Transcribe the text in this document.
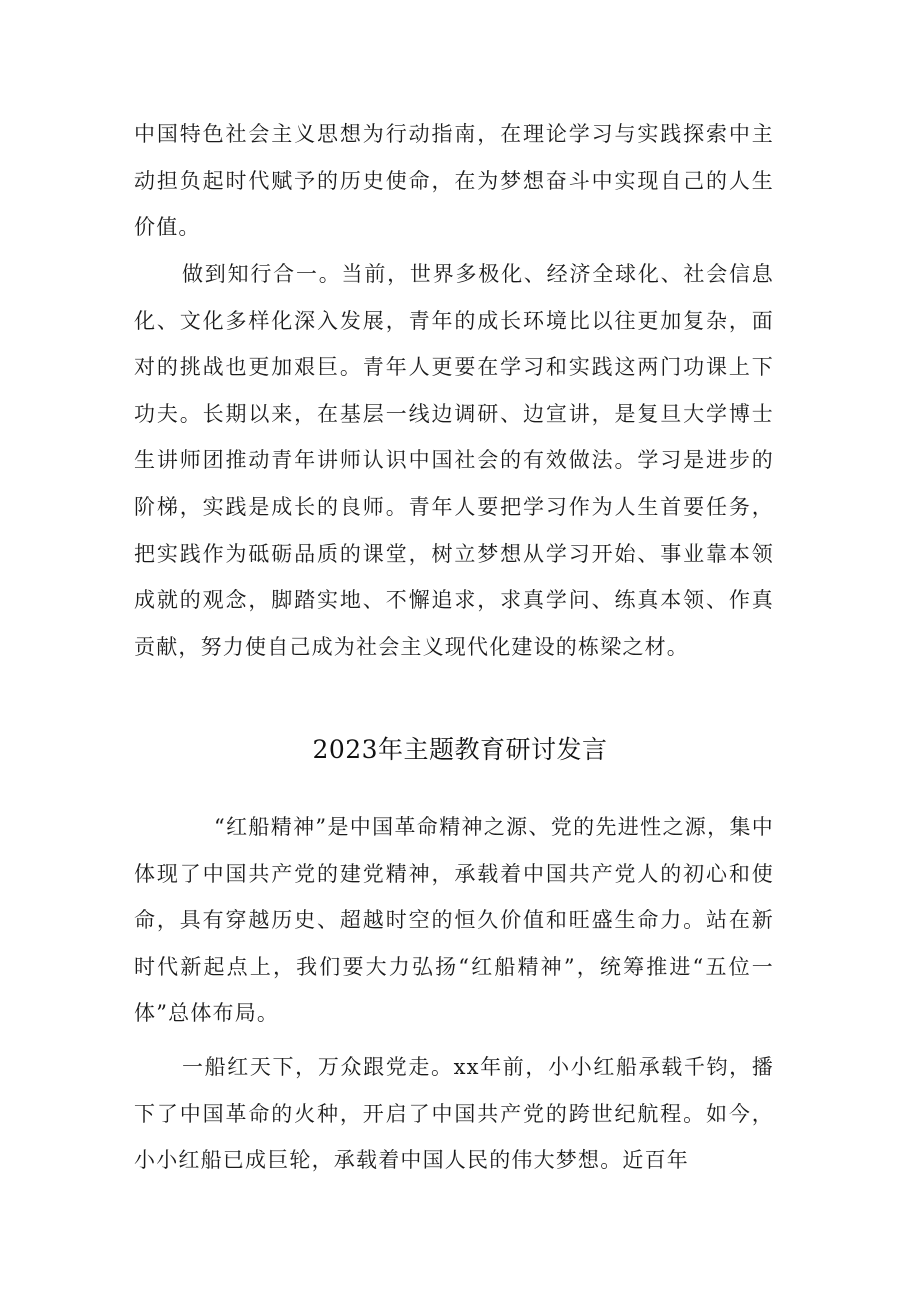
中国特色社会主义思想为行动指南，在理论学习与实践探索中主动担负起时代赋予的历史使命，在为梦想奋斗中实现自己的人生价值。

做到知行合一。当前，世界多极化、经济全球化、社会信息化、文化多样化深入发展，青年的成长环境比以往更加复杂，面对的挑战也更加艰巨。青年人更要在学习和实践这两门功课上下功夫。长期以来，在基层一线边调研、边宣讲，是复旦大学博士生讲师团推动青年讲师认识中国社会的有效做法。学习是进步的阶梯，实践是成长的良师。青年人要把学习作为人生首要任务，把实践作为砥砺品质的课堂，树立梦想从学习开始、事业靠本领成就的观念，脚踏实地、不懈追求，求真学问、练真本领、作真贡献，努力使自己成为社会主义现代化建设的栋梁之材。

2023年主题教育研讨发言

“红船精神”是中国革命精神之源、党的先进性之源，集中体现了中国共产党的建党精神，承载着中国共产党人的初心和使命，具有穿越历史、超越时空的恒久价值和旺盛生命力。站在新时代新起点上，我们要大力弘扬“红船精神”，统筹推进“五位一体”总体布局。

一船红天下，万众跟党走。xx年前，小小红船承载千钧，播下了中国革命的火种，开启了中国共产党的跨世纪航程。如今，小小红船已成巨轮，承载着中国人民的伟大梦想。近百年
